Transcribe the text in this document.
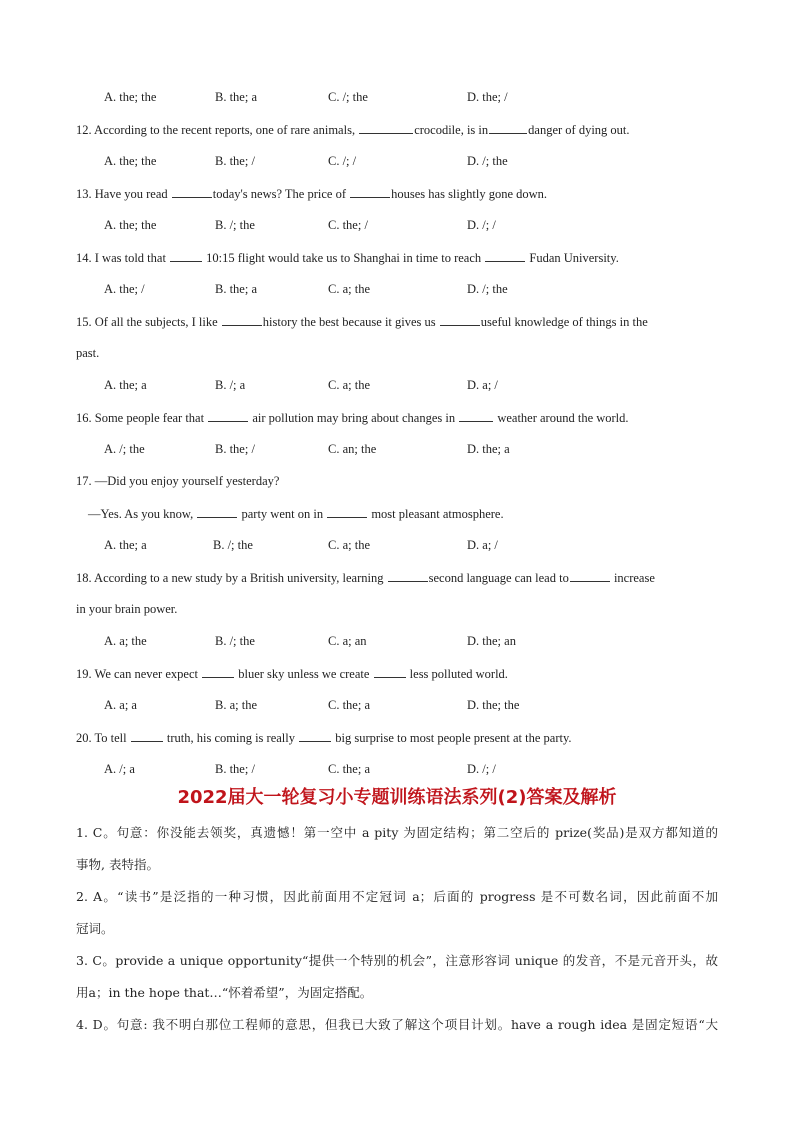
A. the; the	B. the; a	C. /; the	D. the; /
12. According to the recent reports, one of rare animals,	crocodile, is in	danger of dying out.
A. the; the	B. the; /	C. /; /	D. /; the
13. Have you read	today's news? The price of	houses has slightly gone down.
A. the; the	B. /; the	C. the; /	D. /; /
14. I was told that	10:15 flight would take us to Shanghai in time to reach	Fudan University.
A. the; /	B. the; a	C. a; the	D. /; the
15. Of all the subjects, I like	history the best because it gives us	useful knowledge of things in the
past.
A. the; a	B. /; a	C. a; the	D. a; /
16. Some people fear that	air pollution may bring about changes in	weather around the world.
A. /; the	B. the; /	C. an; the	D. the; a
17. —Did you enjoy yourself yesterday?
—Yes. As you know,	party went on in	most pleasant atmosphere.
A. the; a	B. /; the	C. a; the	D. a; /
18. According to a new study by a British university, learning	second language can lead to	increase
in your brain power.
A. a; the	B. /; the	C. a; an	D. the; an
19. We can never expect	bluer sky unless we create	less polluted world.
A. a; a	B. a; the	C. the; a	D. the; the
20. To tell	truth, his coming is really	big surprise to most people present at the party.
A. /; a	B. the; /	C. the; a	D. /; /
2022届大一轮复习小专题训练语法系列(2)答案及解析
1. C。句意：你没能去领奖，真遗憾！第一空中 a pity 为固定结构；第二空后的 prize(奖品)是双方都知道的
事物, 表特指。
2. A。“读书”是泛指的一种习惯，因此前面用不定冠词 a；后面的 progress 是不可数名词，因此前面不加
冠词。
3. C。provide a unique opportunity“提供一个特别的机会”，注意形容词 unique 的发音，不是元音开头，故
用a；in the hope that…“怀着希望”，为固定搭配。
4. D。句意: 我不明白那位工程师的意思，但我已大致了解这个项目计划。have a rough idea 是固定短语“大
